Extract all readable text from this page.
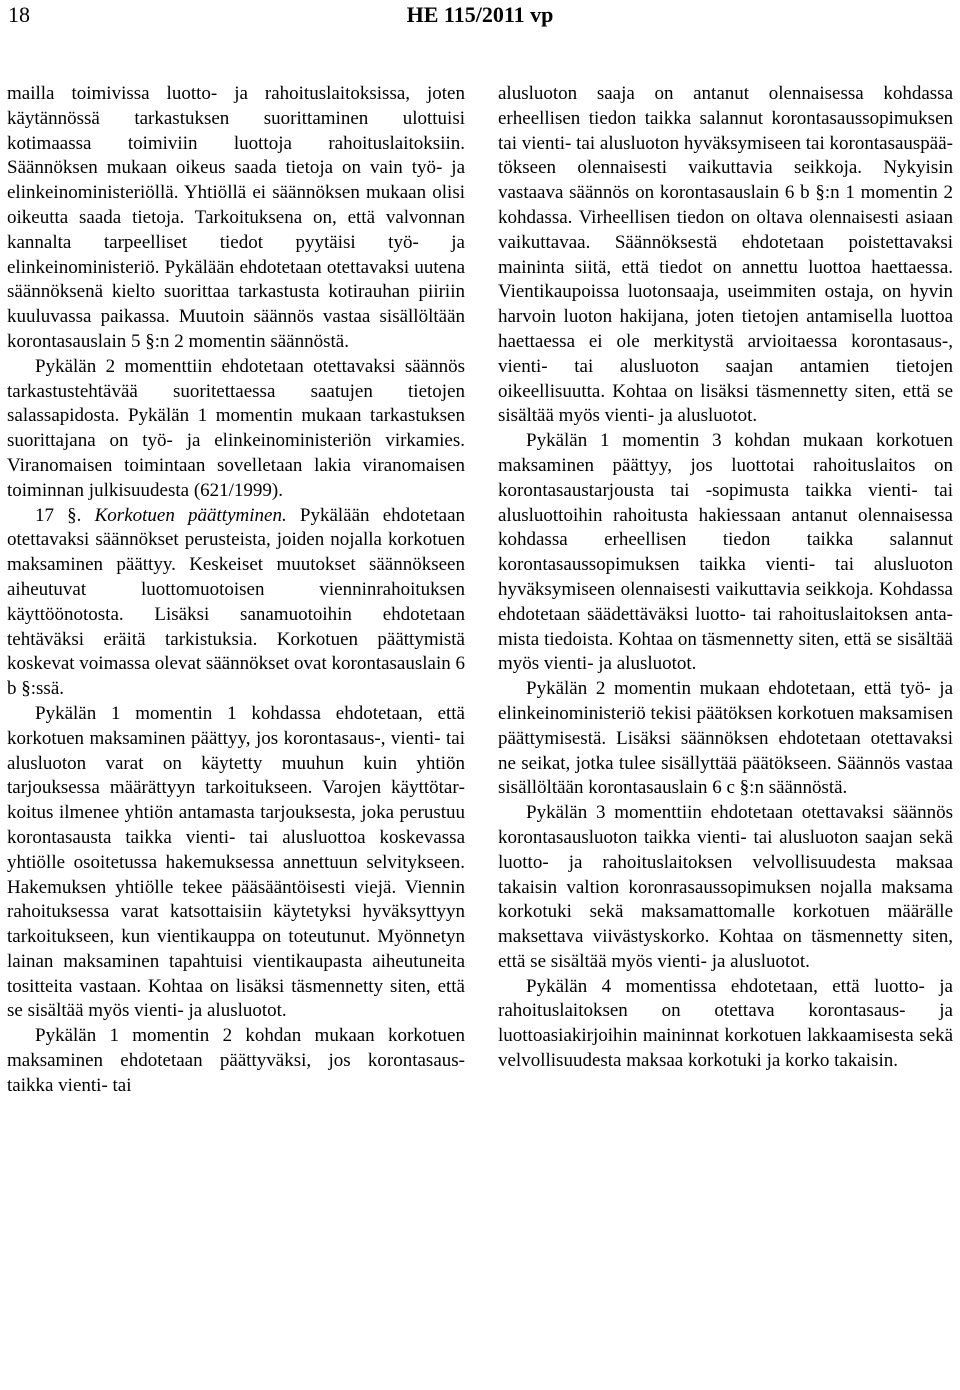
18	HE 115/2011 vp

mailla toimivissa luotto- ja rahoituslaitoksissa, joten käytännössä tarkastuksen suorittaminen ulottuisi kotimaassa toimiviin luottoja rahoituslaitoksiin. Säännöksen mukaan oikeus saada tietoja on vain työ- ja elinkeinoministeriöllä. Yhtiöllä ei säännöksen mukaan olisi oikeutta saada tietoja. Tarkoituksena on, että valvonnan kannalta tarpeelliset tiedot pyytäisi työ- ja elinkeinoministeriö. Pykälään ehdotetaan otettavaksi uutena säännöksenä kielto suorittaa tarkastusta kotirauhan piiriin kuuluvassa paikassa. Muutoin säännös vastaa sisällöltään korontasauslain 5 §:n 2 momentin säännöstä.

Pykälän 2 momenttiin ehdotetaan otettavaksi säännös tarkastustehtävää suoritettaessa saatujen tietojen salassapidosta. Pykälän 1 momentin mukaan tarkastuksen suorittajana on työ- ja elinkeinoministeriön virkamies. Viranomaisen toimintaan sovelletaan lakia viranomaisen toiminnan julkisuudesta (621/1999).

17 §. Korkotuen päättyminen. Pykälään ehdotetaan otettavaksi säännökset perusteista, joiden nojalla korkotuen maksaminen päättyy. Keskeiset muutokset säännökseen aiheutuvat luottomuotoisen vienninrahoituksen käyttöönotosta. Lisäksi sanamuotoihin ehdotetaan tehtäväksi eräitä tarkistuksia. Korkotuen päättymistä koskevat voimassa olevat säännökset ovat korontasauslain 6 b §:ssä.

Pykälän 1 momentin 1 kohdassa ehdotetaan, että korkotuen maksaminen päättyy, jos korontasaus-, vienti- tai alusluoton varat on käytetty muuhun kuin yhtiön tarjouksessa määrättyyn tarkoitukseen. Varojen käyttötarkoitus ilmenee yhtiön antamasta tarjouksesta, joka perustuu korontasausta taikka vienti- tai alusluottoa koskevassa yhtiölle osoitetussa hakemuksessa annettuun selvitykseen. Hakemuksen yhtiölle tekee pääsääntöisesti viejä. Viennin rahoituksessa varat katsottaisiin käytetyksi hyväksyttyyn tarkoitukseen, kun vientikauppa on toteutunut. Myönnetyn lainan maksaminen tapahtuisi vientikaupasta aiheutuneita tositteita vastaan. Kohtaa on lisäksi täsmennetty siten, että se sisältää myös vienti- ja alusluotot.

Pykälän 1 momentin 2 kohdan mukaan korkotuen maksaminen ehdotetaan päättyväksi, jos korontasaus- taikka vienti- tai

alusluoton saaja on antanut olennaisessa kohdassa erheellisen tiedon taikka salannut korontasaussopimuksen tai vienti- tai alusluoton hyväksymiseen tai korontasauspäätökseen olennaisesti vaikuttavia seikkoja. Nykyisin vastaava säännös on korontasauslain 6 b §:n 1 momentin 2 kohdassa. Virheellisen tiedon on oltava olennaisesti asiaan vaikuttavaa. Säännöksestä ehdotetaan poistettavaksi maininta siitä, että tiedot on annettu luottoa haettaessa. Vientikaupoissa luotonsaaja, useimmiten ostaja, on hyvin harvoin luoton hakijana, joten tietojen antamisella luottoa haettaessa ei ole merkitystä arvioitaessa korontasaus-, vienti- tai alusluoton saajan antamien tietojen oikeellisuutta. Kohtaa on lisäksi täsmennetty siten, että se sisältää myös vienti- ja alusluotot.

Pykälän 1 momentin 3 kohdan mukaan korkotuen maksaminen päättyy, jos luottotai rahoituslaitos on korontasaustarjousta tai -sopimusta taikka vienti- tai alusluottoihin rahoitusta hakiessaan antanut olennaisessa kohdassa erheellisen tiedon taikka salannut korontasaussopimuksen taikka vienti- tai alusluoton hyväksymiseen olennaisesti vaikuttavia seikkoja. Kohdassa ehdotetaan säädettäväksi luotto- tai rahoituslaitoksen antamista tiedoista. Kohtaa on täsmennetty siten, että se sisältää myös vienti- ja alusluotot.

Pykälän 2 momentin mukaan ehdotetaan, että työ- ja elinkeinoministeriö tekisi päätöksen korkotuen maksamisen päättymisestä. Lisäksi säännöksen ehdotetaan otettavaksi ne seikat, jotka tulee sisällyttää päätökseen. Säännös vastaa sisällöltään korontasauslain 6 c §:n säännöstä.

Pykälän 3 momenttiin ehdotetaan otettavaksi säännös korontasausluoton taikka vienti- tai alusluoton saajan sekä luotto- ja rahoituslaitoksen velvollisuudesta maksaa takaisin valtion koronrasaussopimuksen nojalla maksama korkotuki sekä maksamattomalle korkotuen määrälle maksettava viivästyskorko. Kohtaa on täsmennetty siten, että se sisältää myös vienti- ja alusluotot.

Pykälän 4 momentissa ehdotetaan, että luotto- ja rahoituslaitoksen on otettava korontasaus- ja luottoasiakirjoihin maininnat korkotuen lakkaamisesta sekä velvollisuudesta maksaa korkotuki ja korko takaisin.
